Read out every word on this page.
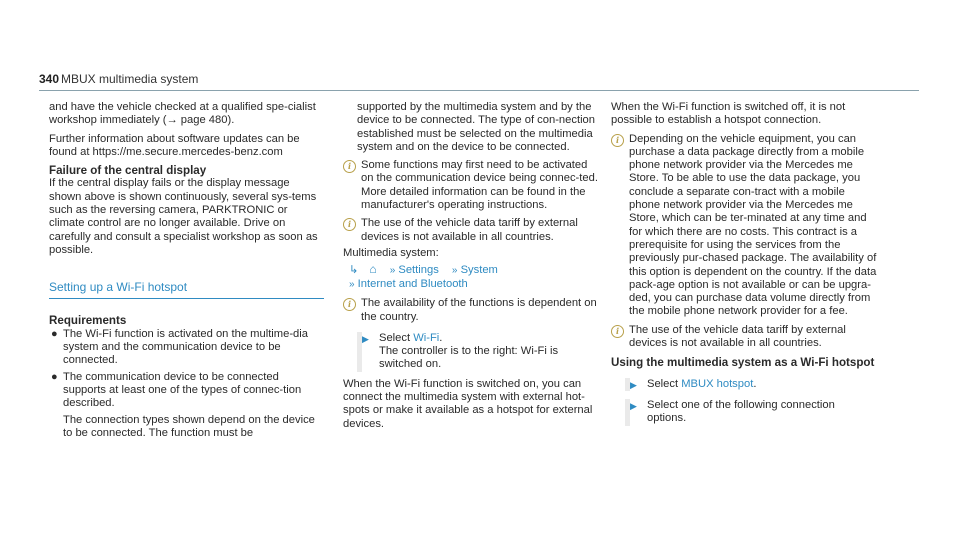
340 MBUX multimedia system

and have the vehicle checked at a qualified spe-cialist workshop immediately (→ page 480).

Further information about software updates can be found at https://me.secure.mercedes-benz.com

Failure of the central display

If the central display fails or the display message shown above is shown continuously, several sys-tems such as the reversing camera, PARKTRONIC or climate control are no longer available. Drive on carefully and consult a specialist workshop as soon as possible.

Setting up a Wi-Fi hotspot

Requirements

● The Wi-Fi function is activated on the multime-dia system and the communication device to be connected.
● The communication device to be connected supports at least one of the types of connec-tion described.

The connection types shown depend on the device to be connected. The function must be

supported by the multimedia system and by the device to be connected. The type of con-nection established must be selected on the multimedia system and on the device to be connected.

i Some functions may first need to be activated on the communication device being connec-ted. More detailed information can be found in the manufacturer's operating instructions.
i The use of the vehicle data tariff by external devices is not available in all countries.

Multimedia system:

↳ ⌂ » Settings » System
» Internet and Bluetooth
i The availability of the functions is dependent on the country.
▶ Select Wi-Fi.

The controller is to the right: Wi-Fi is switched on.

When the Wi-Fi function is switched on, you can connect the multimedia system with external hot-spots or make it available as a hotspot for external devices.

When the Wi-Fi function is switched off, it is not possible to establish a hotspot connection.

i Depending on the vehicle equipment, you can purchase a data package directly from a mobile phone network provider via the Mercedes me Store. To be able to use the data package, you conclude a separate con-tract with a mobile phone network provider via the Mercedes me Store, which can be ter-minated at any time and for which there are no costs. This contract is a prerequisite for using the services from the previously pur-chased package. The availability of this option is dependent on the country. If the data pack-age option is not available or can be upgra-ded, you can purchase data volume directly from the mobile phone network provider for a fee.
i The use of the vehicle data tariff by external devices is not available in all countries.

Using the multimedia system as a Wi-Fi hotspot

▶ Select MBUX hotspot.
▶ Select one of the following connection options.
